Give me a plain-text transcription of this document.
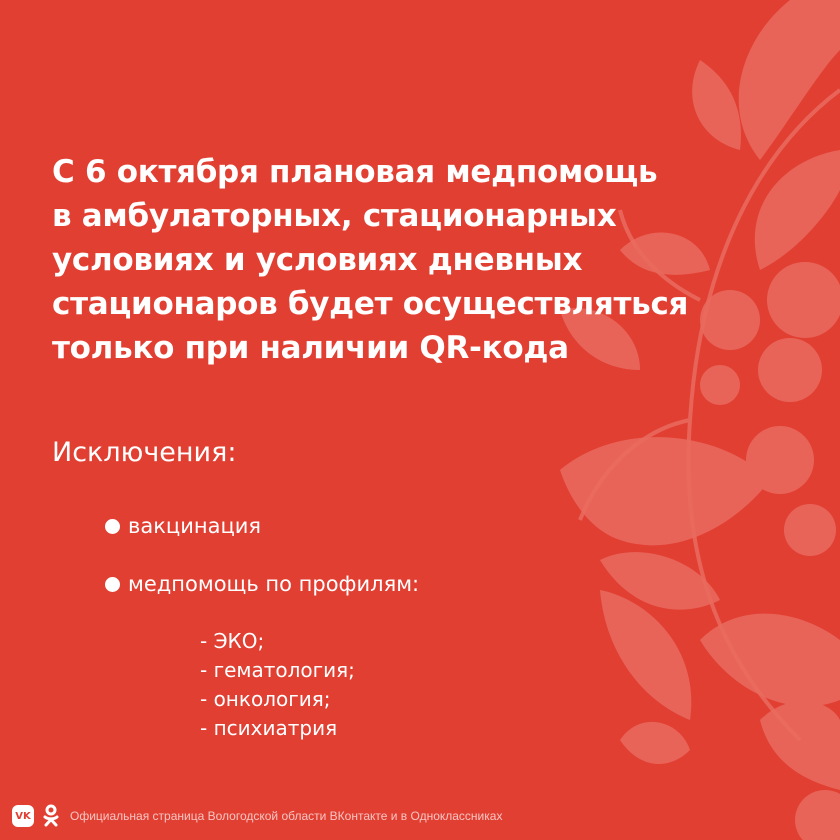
С 6 октября плановая медпомощь
в амбулаторных, стационарных
условиях и условиях дневных
стационаров будет осуществляться
только при наличии QR-кода
Исключения:
вакцинация
медпомощь по профилям:
- ЭКО;
- гематология;
- онкология;
- психиатрия
VK	Официальная страница Вологодской области ВКонтакте и в Одноклассниках
